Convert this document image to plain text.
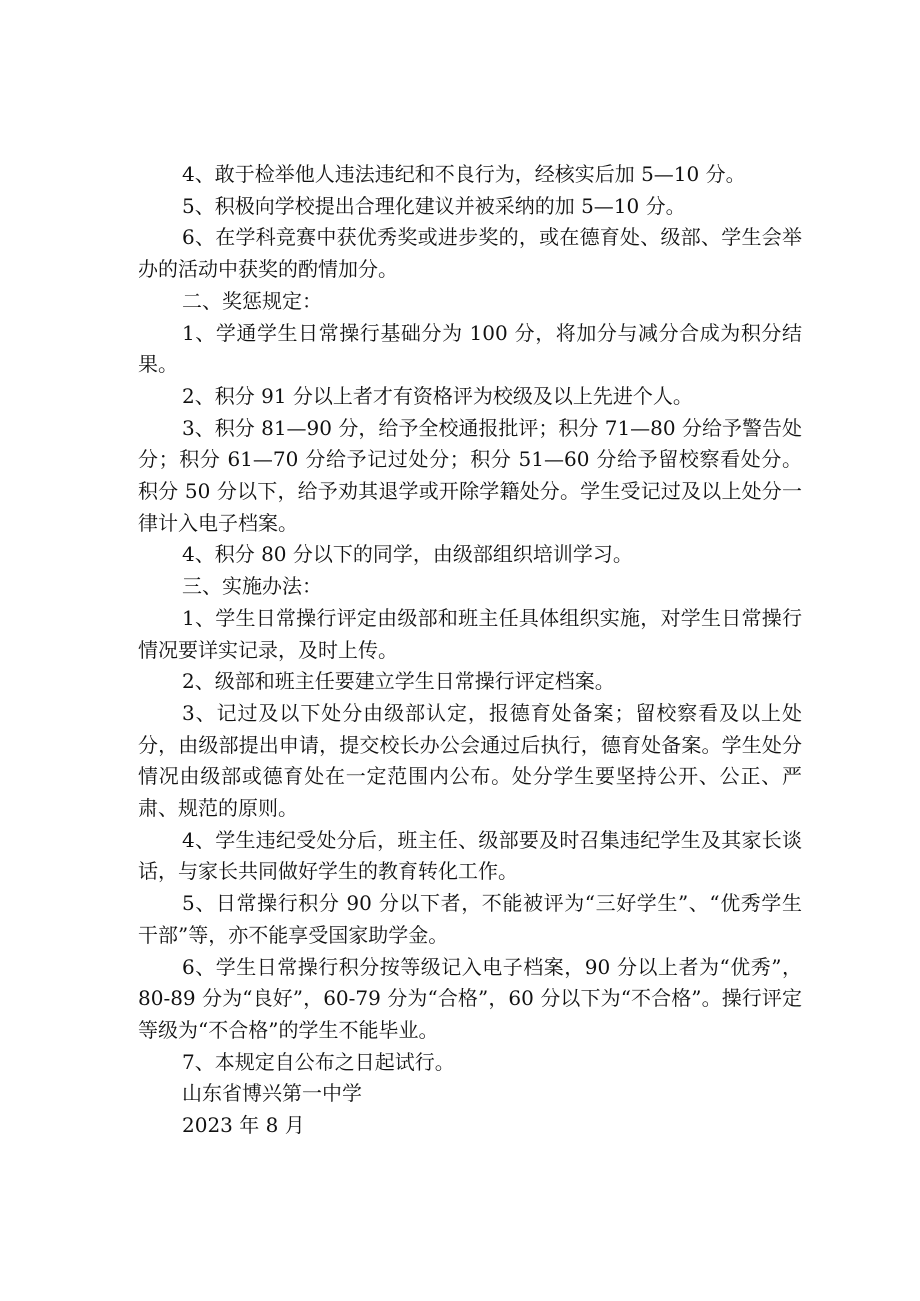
4、敢于检举他人违法违纪和不良行为，经核实后加 5—10 分。

5、积极向学校提出合理化建议并被采纳的加 5—10 分。

6、在学科竞赛中获优秀奖或进步奖的，或在德育处、级部、学生会举办的活动中获奖的酌情加分。

二、奖惩规定：

1、学通学生日常操行基础分为 100 分，将加分与减分合成为积分结果。

2、积分 91 分以上者才有资格评为校级及以上先进个人。

3、积分 81—90 分，给予全校通报批评；积分 71—80 分给予警告处分；积分 61—70 分给予记过处分；积分 51—60 分给予留校察看处分。积分 50 分以下，给予劝其退学或开除学籍处分。学生受记过及以上处分一律计入电子档案。

4、积分 80 分以下的同学，由级部组织培训学习。

三、实施办法：

1、学生日常操行评定由级部和班主任具体组织实施，对学生日常操行情况要详实记录，及时上传。

2、级部和班主任要建立学生日常操行评定档案。

3、记过及以下处分由级部认定，报德育处备案；留校察看及以上处分，由级部提出申请，提交校长办公会通过后执行，德育处备案。学生处分情况由级部或德育处在一定范围内公布。处分学生要坚持公开、公正、严肃、规范的原则。

4、学生违纪受处分后，班主任、级部要及时召集违纪学生及其家长谈话，与家长共同做好学生的教育转化工作。

5、日常操行积分 90 分以下者，不能被评为“三好学生”、“优秀学生干部”等，亦不能享受国家助学金。

6、学生日常操行积分按等级记入电子档案，90 分以上者为“优秀”，80-89 分为“良好”，60-79 分为“合格”，60 分以下为“不合格”。操行评定等级为“不合格”的学生不能毕业。

7、本规定自公布之日起试行。

山东省博兴第一中学

2023 年 8 月
